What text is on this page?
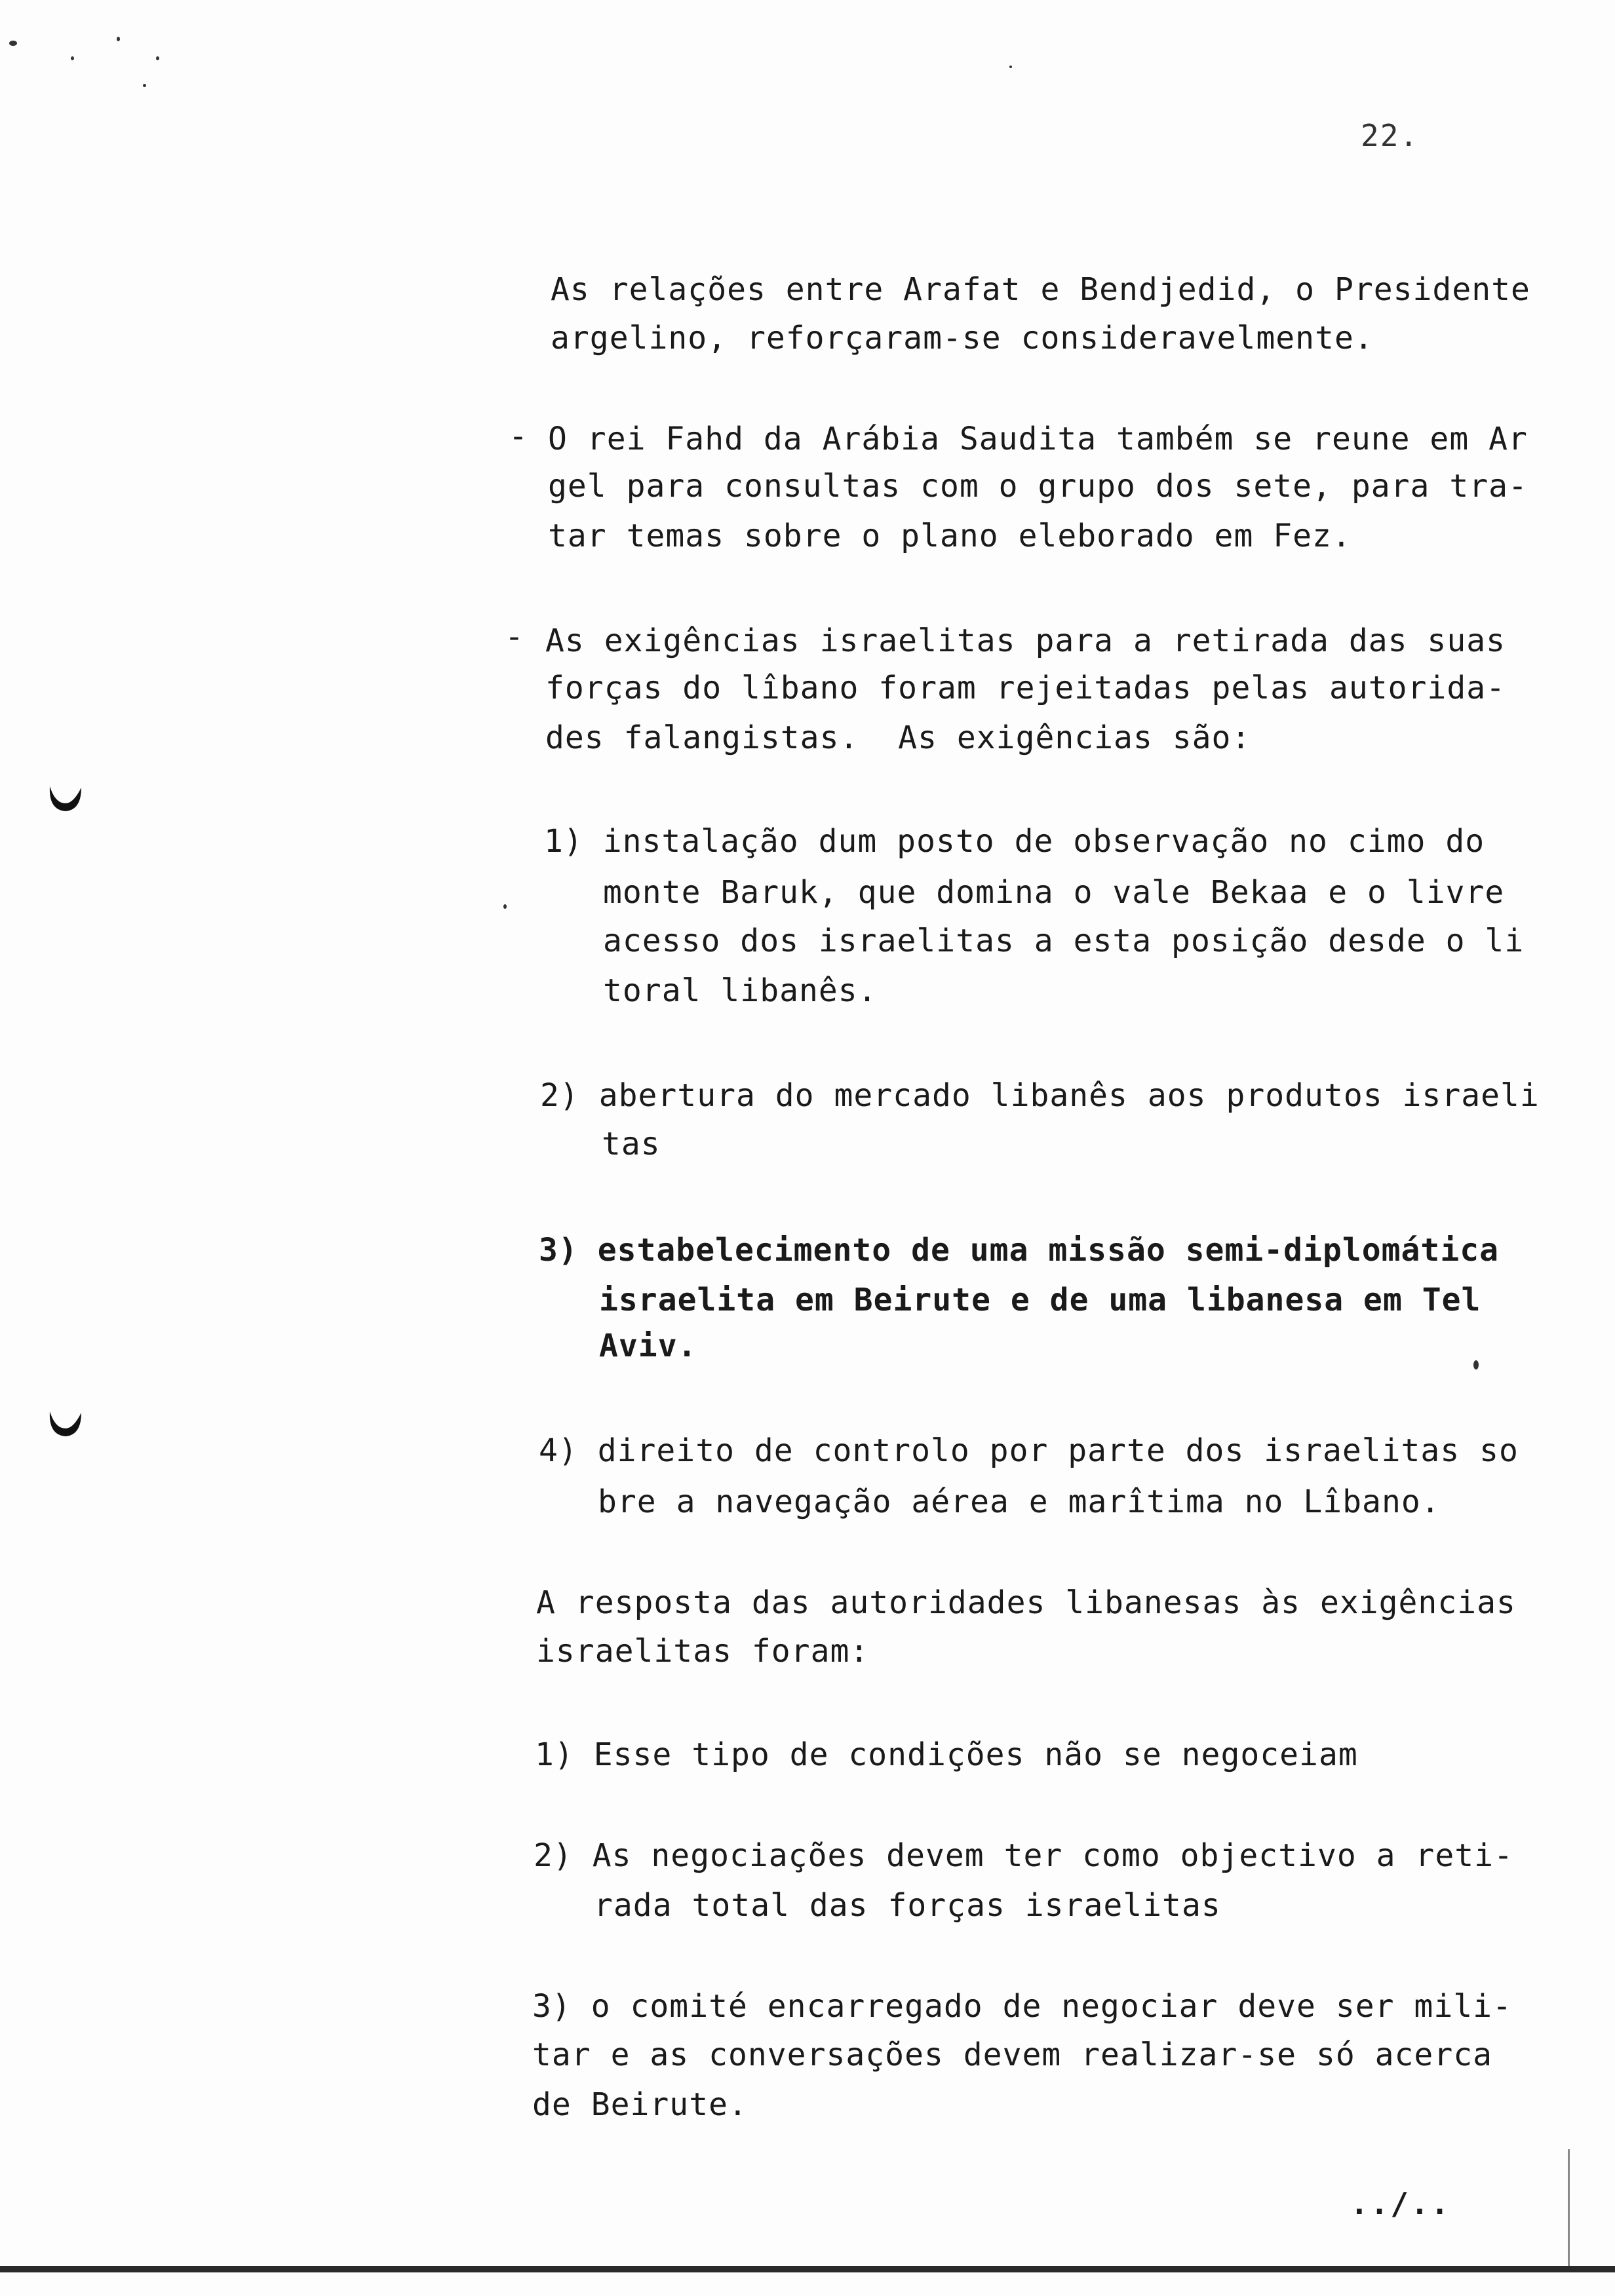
22.
As relações entre Arafat e Bendjedid, o Presidente
argelino, reforçaram-se consideravelmente.
- O rei Fahd da Arábia Saudita também se reune em Ar
gel para consultas com o grupo dos sete, para tra-
tar temas sobre o plano eleborado em Fez.
- As exigências israelitas para a retirada das suas
forças do lîbano foram rejeitadas pelas autorida-
des falangistas.  As exigências são:
1) instalação dum posto de observação no cimo do
monte Baruk, que domina o vale Bekaa e o livre
acesso dos israelitas a esta posição desde o li
toral libanês.
2) abertura do mercado libanês aos produtos israeli
tas
3) estabelecimento de uma missão semi-diplomática
israelita em Beirute e de uma libanesa em Tel
Aviv.
4) direito de controlo por parte dos israelitas so
bre a navegação aérea e marîtima no Lîbano.
A resposta das autoridades libanesas às exigências
israelitas foram:
1) Esse tipo de condições não se negoceiam
2) As negociações devem ter como objectivo a reti-
rada total das forças israelitas
3) o comité encarregado de negociar deve ser mili-
tar e as conversações devem realizar-se só acerca
de Beirute.
../..
